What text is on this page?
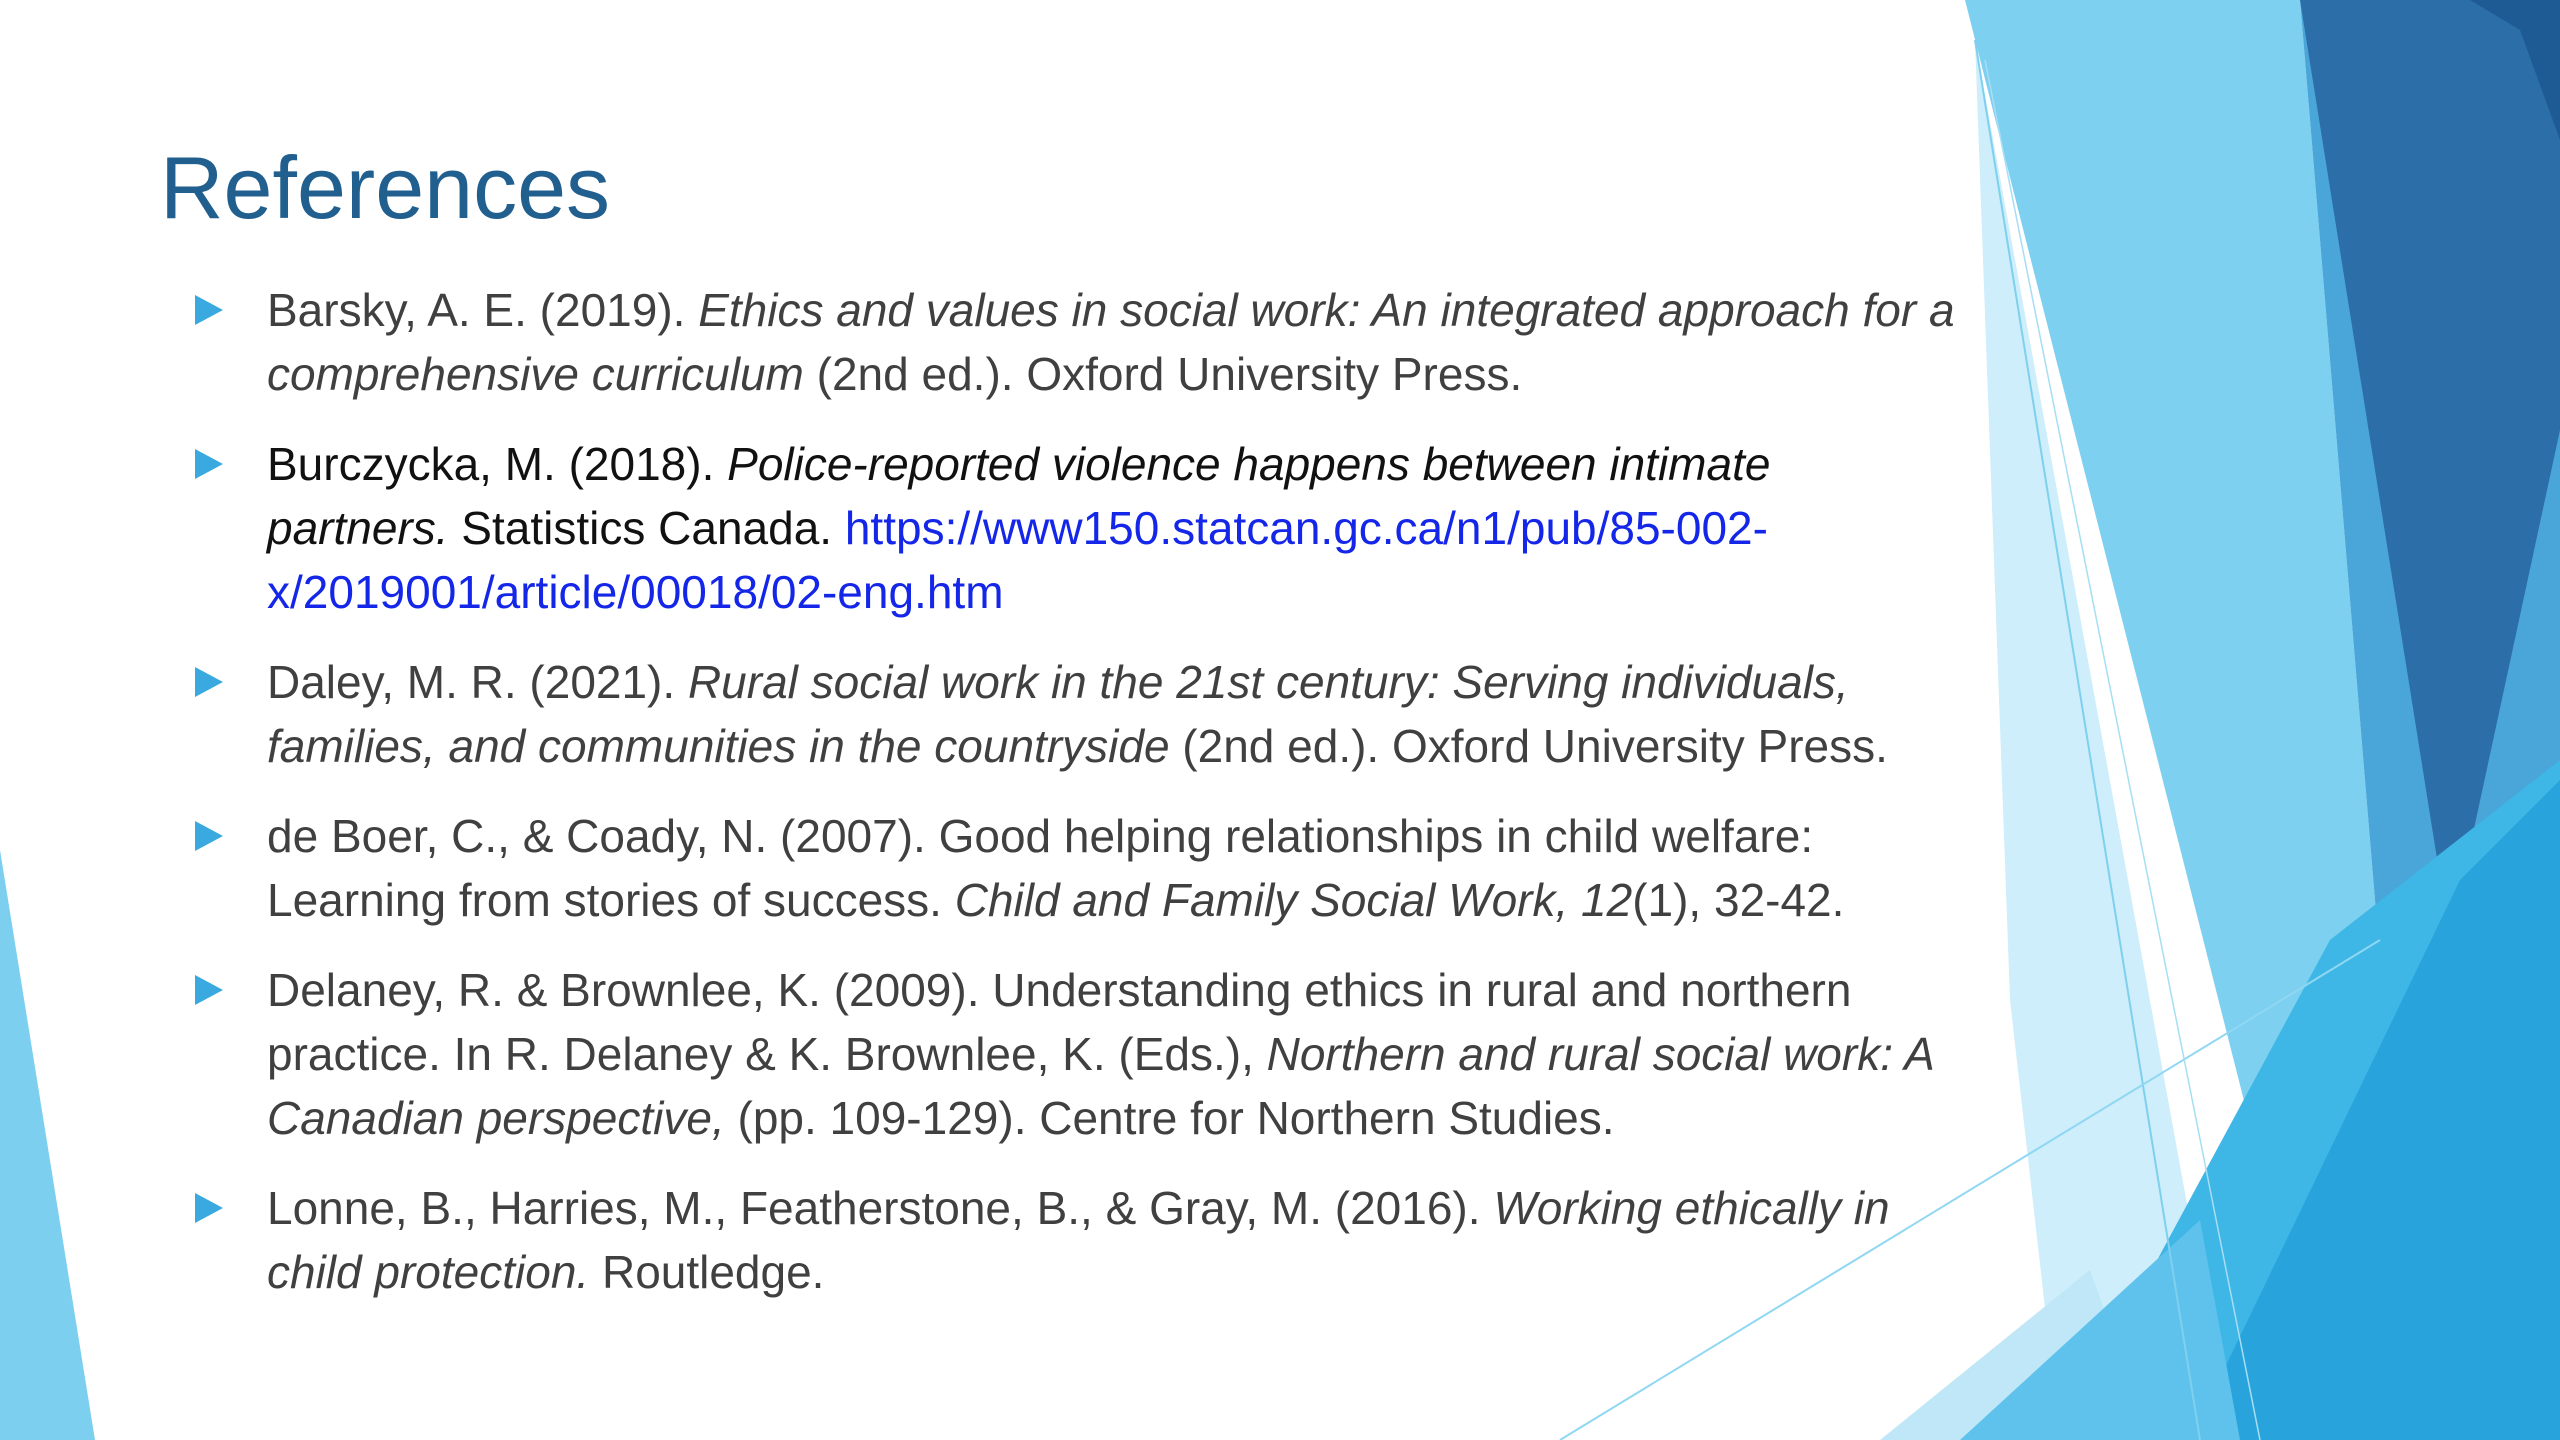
References
Barsky, A. E. (2019). Ethics and values in social work: An integrated approach for a comprehensive curriculum (2nd ed.). Oxford University Press.
Burczycka, M. (2018). Police-reported violence happens between intimate partners. Statistics Canada. https://www150.statcan.gc.ca/n1/pub/85-002-x/2019001/article/00018/02-eng.htm
Daley, M. R. (2021). Rural social work in the 21st century: Serving individuals, families, and communities in the countryside (2nd ed.). Oxford University Press.
de Boer, C., & Coady, N. (2007). Good helping relationships in child welfare: Learning from stories of success. Child and Family Social Work, 12(1), 32-42.
Delaney, R. & Brownlee, K. (2009). Understanding ethics in rural and northern practice. In R. Delaney & K. Brownlee, K. (Eds.), Northern and rural social work: A Canadian perspective, (pp. 109-129). Centre for Northern Studies.
Lonne, B., Harries, M., Featherstone, B., & Gray, M. (2016). Working ethically in child protection. Routledge.
